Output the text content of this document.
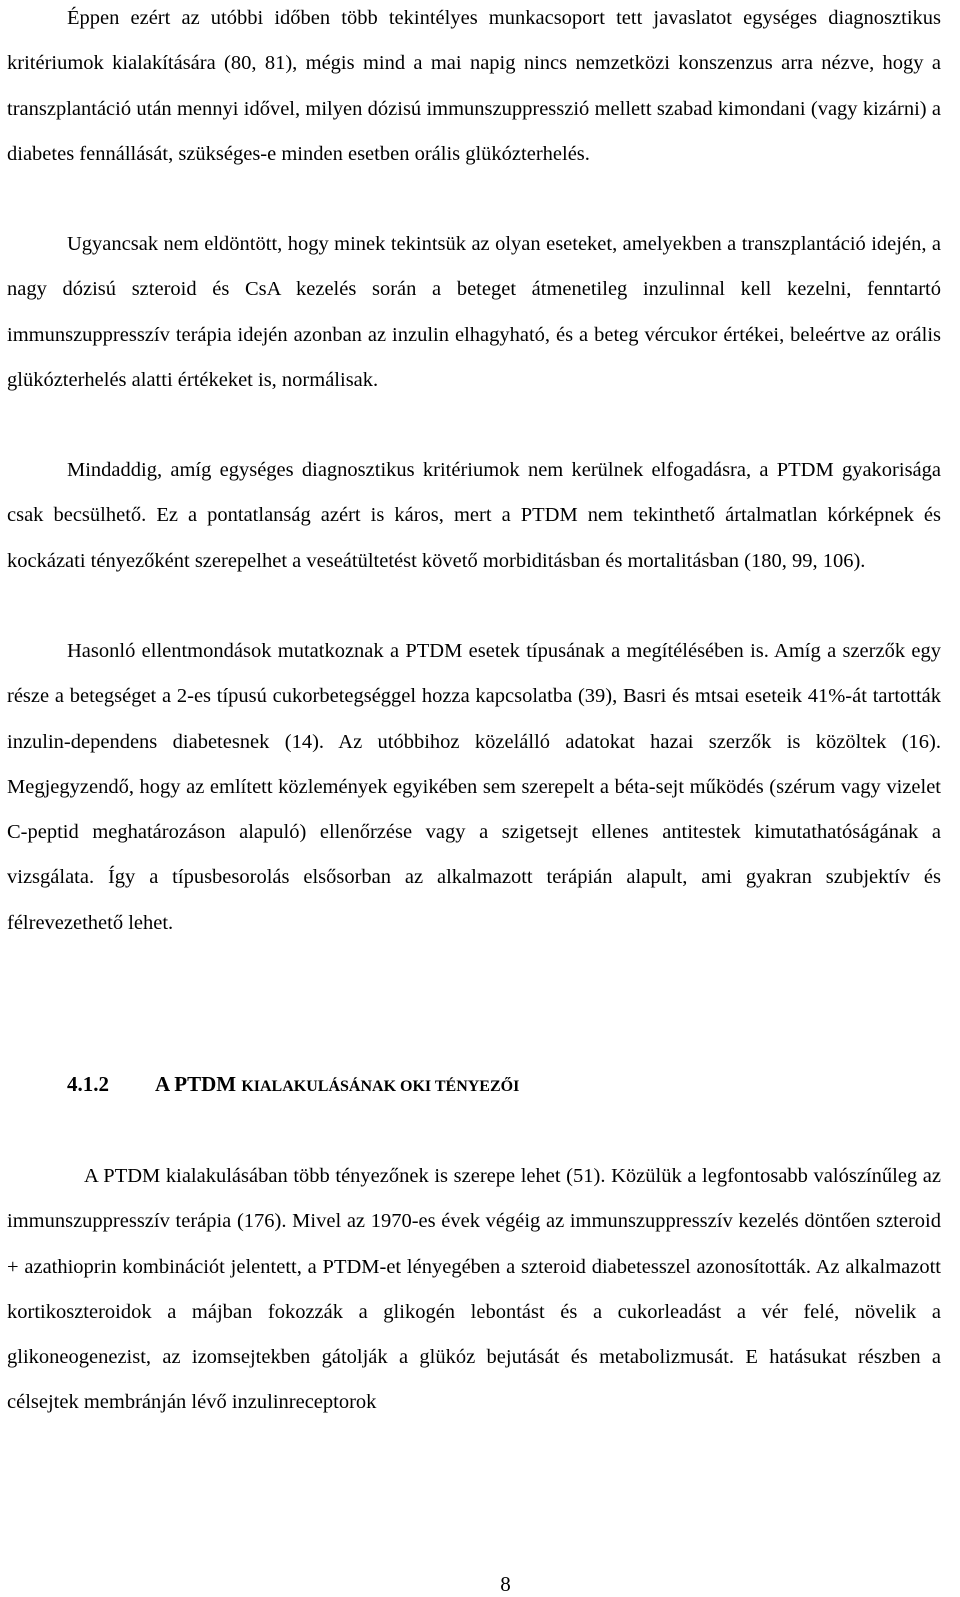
Éppen ezért az utóbbi időben több tekintélyes munkacsoport tett javaslatot egységes diagnosztikus kritériumok kialakítására (80, 81), mégis mind a mai napig nincs nemzetközi konszenzus arra nézve, hogy a transzplantáció után mennyi idővel, milyen dózisú immunszuppresszió mellett szabad kimondani (vagy kizárni) a diabetes fennállását, szükséges-e minden esetben orális glükózterhelés.

Ugyancsak nem eldöntött, hogy minek tekintsük az olyan eseteket, amelyekben a transzplantáció idején, a nagy dózisú szteroid és CsA kezelés során a beteget átmenetileg inzulinnal kell kezelni, fenntartó immunszuppresszív terápia idején azonban az inzulin elhagyható, és a beteg vércukor értékei, beleértve az orális glükózterhelés alatti értékeket is, normálisak.

Mindaddig, amíg egységes diagnosztikus kritériumok nem kerülnek elfogadásra, a PTDM gyakorisága csak becsülhető. Ez a pontatlanság azért is káros, mert a PTDM nem tekinthető ártalmatlan kórképnek és kockázati tényezőként szerepelhet a veseátültetést követő morbiditásban és mortalitásban (180, 99, 106).

Hasonló ellentmondások mutatkoznak a PTDM esetek típusának a megítélésében is. Amíg a szerzők egy része a betegséget a 2-es típusú cukorbetegséggel hozza kapcsolatba (39), Basri és mtsai eseteik 41%-át tartották inzulin-dependens diabetesnek (14). Az utóbbihoz közelálló adatokat hazai szerzők is közöltek (16). Megjegyzendő, hogy az említett közlemények egyikében sem szerepelt a béta-sejt működés (szérum vagy vizelet C-peptid meghatározáson alapuló) ellenőrzése vagy a szigetsejt ellenes antitestek kimutathatóságának a vizsgálata. Így a típusbesorolás elsősorban az alkalmazott terápián alapult, ami gyakran szubjektív és félrevezethető lehet.

4.1.2 A PTDM KIALAKULÁSÁNAK OKI TÉNYEZŐI

A PTDM kialakulásában több tényezőnek is szerepe lehet (51). Közülük a legfontosabb valószínűleg az immunszuppresszív terápia (176). Mivel az 1970-es évek végéig az immunszuppresszív kezelés döntően szteroid + azathioprin kombinációt jelentett, a PTDM-et lényegében a szteroid diabetesszel azonosították. Az alkalmazott kortikoszteroidok a májban fokozzák a glikogén lebontást és a cukorleadást a vér felé, növelik a glikoneogenezist, az izomsejtekben gátolják a glükóz bejutását és metabolizmusát. E hatásukat részben a célsejtek membránján lévő inzulinreceptorok

8
